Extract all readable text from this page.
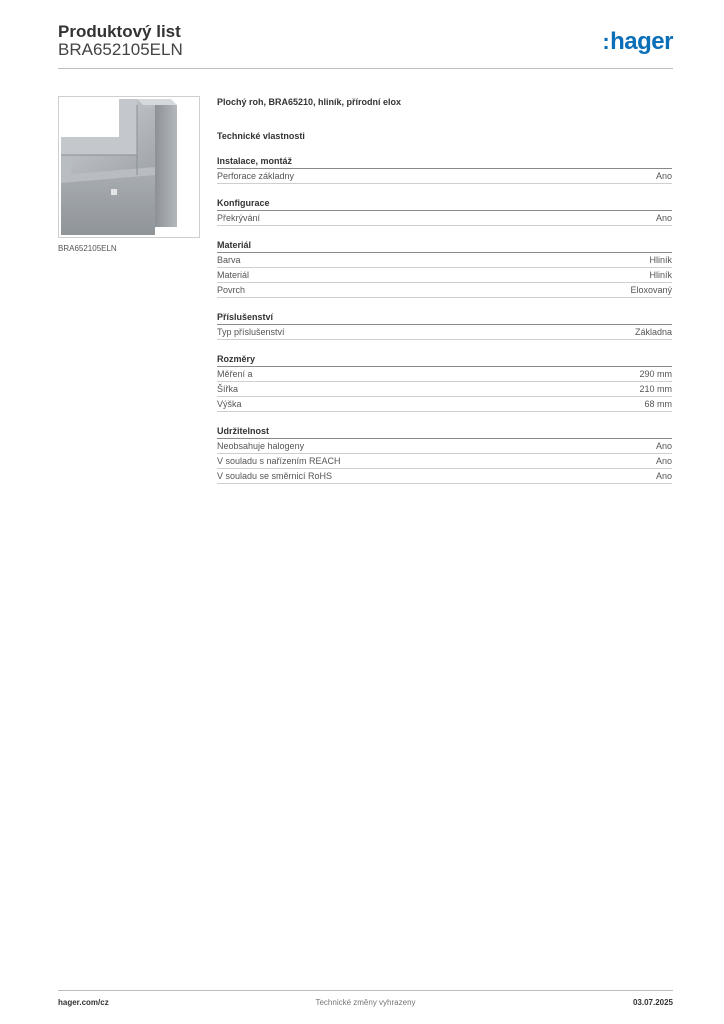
Produktový list
BRA652105ELN	:hager
BRA652105ELN

Plochý roh, BRA65210, hliník, přírodní elox

Technické vlastnosti
Instalace, montáž
Perforace základny	Ano
Konfigurace
Překrývání	Ano
Materiál
Barva	Hliník
Materiál	Hliník
Povrch	Eloxovaný
Příslušenství
Typ příslušenství	Základna
Rozměry
Měření a	290 mm
Šířka	210 mm
Výška	68 mm
Udržitelnost
Neobsahuje halogeny	Ano
V souladu s nařízením REACH	Ano
V souladu se směrnicí RoHS	Ano
hager.com/cz	Technické změny vyhrazeny	03.07.2025
